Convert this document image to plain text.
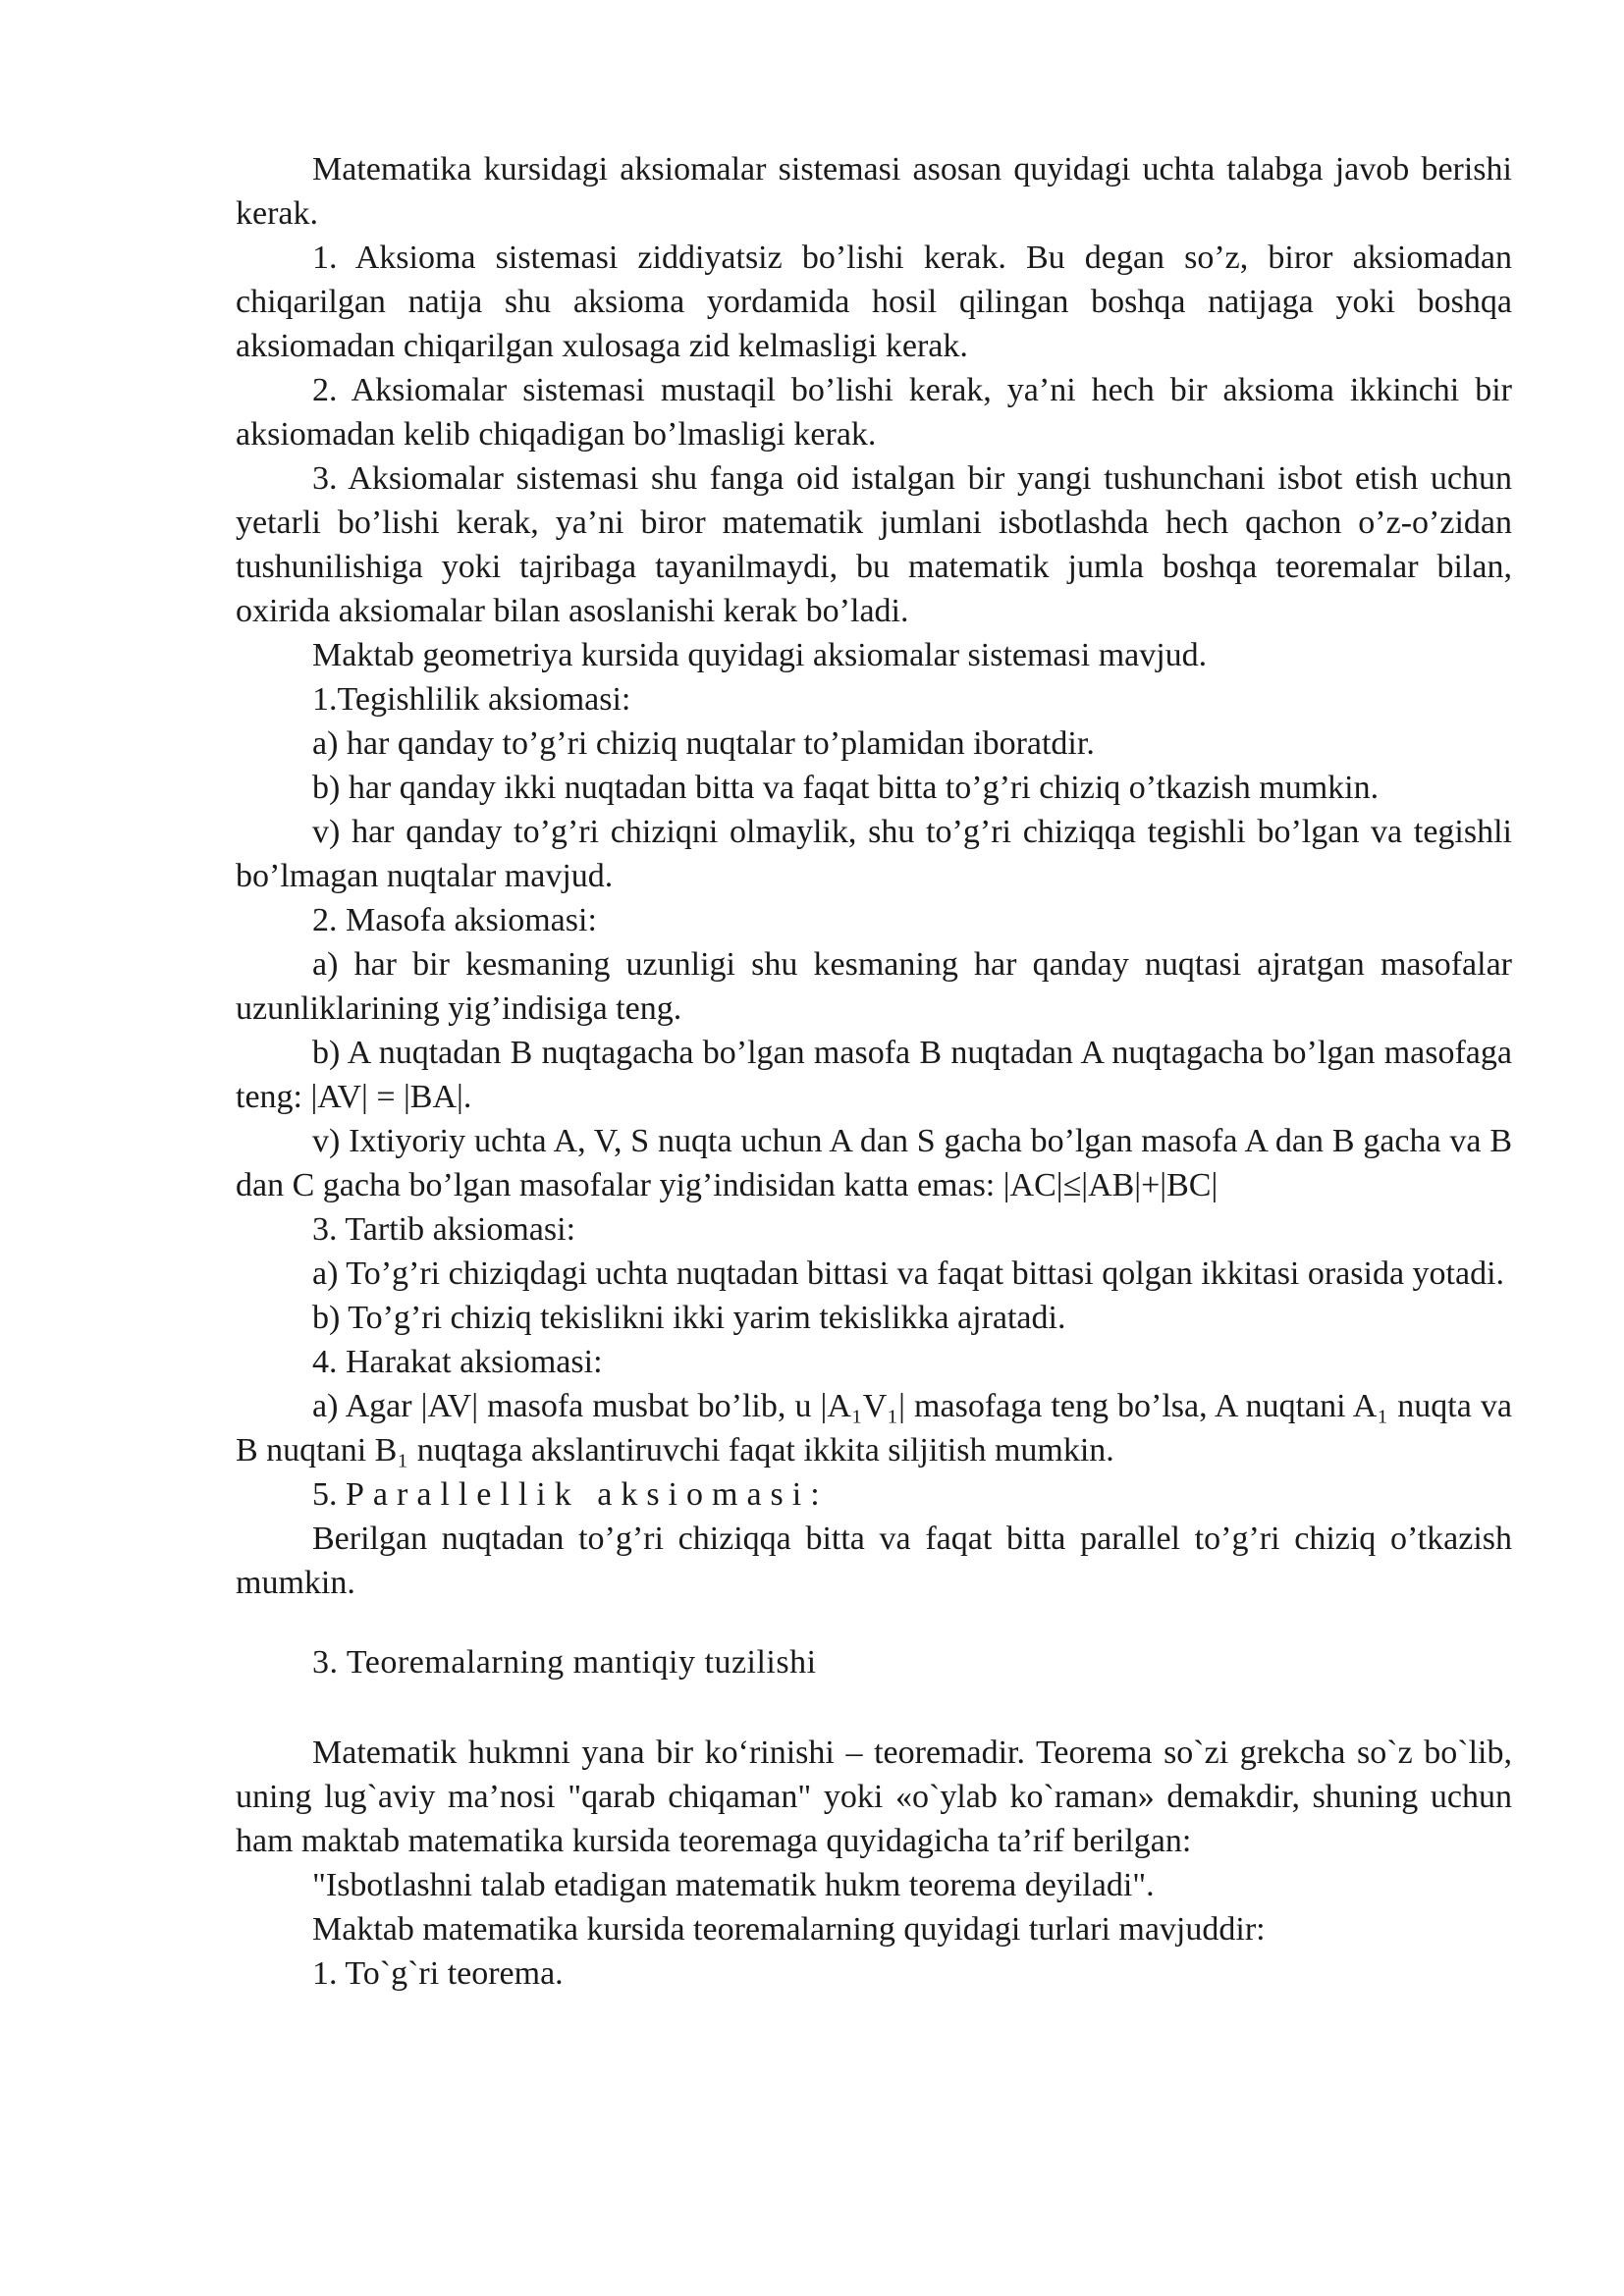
Matematika kursidagi aksiomalar sistemasi asosan quyidagi uchta talabga javob berishi kerak.

1. Aksioma sistemasi ziddiyatsiz bo’lishi kerak. Bu degan so’z, biror aksiomadan chiqarilgan natija shu aksioma yordamida hosil qilingan boshqa natijaga yoki boshqa aksiomadan chiqarilgan xulosaga zid kelmasligi kerak.

2. Aksiomalar sistemasi mustaqil bo’lishi kerak, ya’ni hech bir aksioma ikkinchi bir aksiomadan kelib chiqadigan bo’lmasligi kerak.

3. Aksiomalar sistemasi shu fanga oid istalgan bir yangi tushunchani isbot etish uchun yetarli bo’lishi kerak, ya’ni biror matematik jumlani isbotlashda hech qachon o’z-o’zidan tushunilishiga yoki tajribaga tayanilmaydi, bu matematik jumla boshqa teoremalar bilan, oxirida aksiomalar bilan asoslanishi kerak bo’ladi.

Maktab geometriya kursida quyidagi aksiomalar sistemasi mavjud.

1.Tegishlilik aksiomasi:

a) har qanday to’g’ri chiziq nuqtalar to’plamidan iboratdir.

b) har qanday ikki nuqtadan bitta va faqat bitta to’g’ri chiziq o’tkazish mumkin.

v) har qanday to’g’ri chiziqni olmaylik, shu to’g’ri chiziqqa tegishli bo’lgan va tegishli bo’lmagan nuqtalar mavjud.

2. Masofa aksiomasi:

a) har bir kesmaning uzunligi shu kesmaning har qanday nuqtasi ajratgan masofalar uzunliklarining yig’indisiga teng.

b) A nuqtadan B nuqtagacha bo’lgan masofa B nuqtadan A nuqtagacha bo’lgan masofaga teng: |AV| = |BA|.

v) Ixtiyoriy uchta A, V, S nuqta uchun A dan S gacha bo’lgan masofa A dan B gacha va B dan C gacha bo’lgan masofalar yig’indisidan katta emas: |AC|≤|AB|+|BC|

3. Tartib aksiomasi:

a) To’g’ri chiziqdagi uchta nuqtadan bittasi va faqat bittasi qolgan ikkitasi orasida yotadi.

b) To’g’ri chiziq tekislikni ikki yarim tekislikka ajratadi.

4. Harakat aksiomasi:

a) Agar |AV| masofa musbat bo’lib, u |A₁V₁| masofaga teng bo’lsa, A nuqtani A₁ nuqta va B nuqtani B₁ nuqtaga akslantiruvchi faqat ikkita siljitish mumkin.

5. Parallellik aksiomasi:

Berilgan nuqtadan to’g’ri chiziqqa bitta va faqat bitta parallel to’g’ri chiziq o’tkazish mumkin.

3. Teoremalarning mantiqiy tuzilishi

Matematik hukmni yana bir ko‘rinishi – teoremadir. Teorema so`zi grekcha so`z bo`lib, uning lug`aviy ma’nosi "qarab chiqaman" yoki «o`ylab ko`raman» demakdir, shuning uchun ham maktab matematika kursida teoremaga quyidagicha ta’rif berilgan:

"Isbotlashni talab etadigan matematik hukm teorema deyiladi".

Maktab matematika kursida teoremalarning quyidagi turlari mavjuddir:

1. To`g`ri teorema.
